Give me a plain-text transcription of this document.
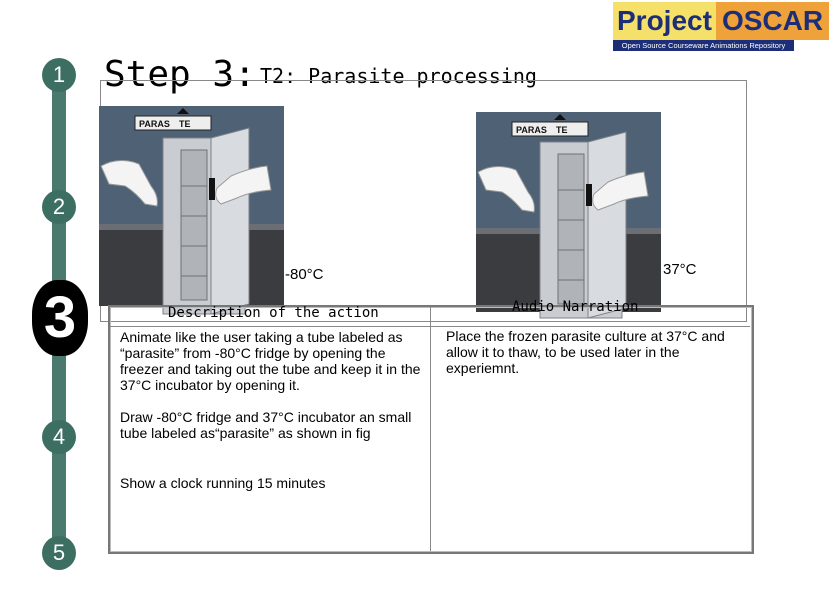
1
2
3
4
5
Step 3: T2: Parasite processing
Project OSCAR
Open Source Courseware Animations Repository
PARAS TE
PARAS TE
-80°C	37°C
Description of the action	Audio Narration
Animate like the user taking a tube labeled as “parasite” from -80°C fridge by opening the freezer and taking out the tube and keep it in the 37°C incubator by opening it.
Draw -80°C fridge and 37°C incubator an small tube labeled as“parasite” as shown in fig
Show a clock running 15 minutes
Place the frozen parasite culture at 37°C and allow it to thaw, to be used later in the experiemnt.
